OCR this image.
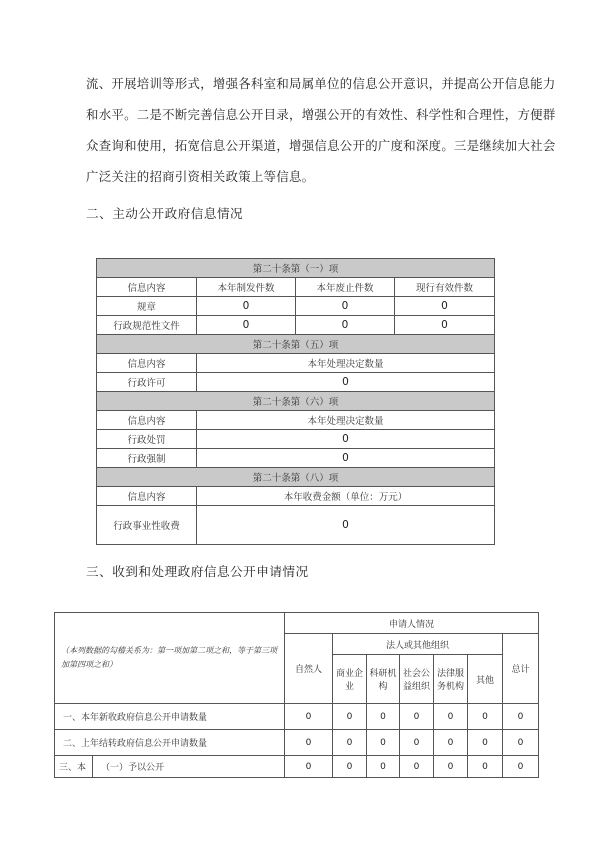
流、开展培训等形式，增强各科室和局属单位的信息公开意识，并提高公开信息能力
和水平。二是不断完善信息公开目录，增强公开的有效性、科学性和合理性，方便群
众查询和使用，拓宽信息公开渠道，增强信息公开的广度和深度。三是继续加大社会
广泛关注的招商引资相关政策上等信息。
二、主动公开政府信息情况
第二十条第（一）项			
信息内容	本年制发件数	本年废止件数	现行有效件数
规章	0	0	0
行政规范性文件	0	0	0
第二十条第（五）项			
信息内容	本年处理决定数量		
行政许可	0		
第二十条第（六）项			
信息内容	本年处理决定数量		
行政处罚	0		
行政强制	0		
第二十条第（八）项			
信息内容	本年收费金额（单位：万元）		
行政事业性收费	0		
三、收到和处理政府信息公开申请情况
（本列数据的勾稽关系为：第一项加第二项之和，等于第三项加第四项之和）		申请人情况						
		自然人	法人或其他组织					总计
			商业企业	科研机构	社会公益组织	法律服务机构	其他	
一、本年新收政府信息公开申请数量		0	0	0	0	0	0	0
二、上年结转政府信息公开申请数量		0	0	0	0	0	0	0
三、本	（一）予以公开	0	0	0	0	0	0	0
